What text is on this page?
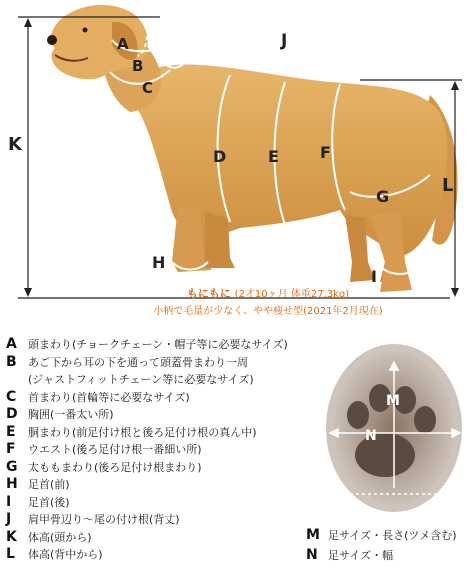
A
B
C
D	E	F
G
H
I
J
K
L
M
N
もにもに (2才10ヶ月 体重27.3kg)
小柄で毛量が少なく、やや痩せ型(2021年2月現在)
A	頭まわり(チョークチェーン・帽子等に必要なサイズ)
B	あご下から耳の下を通って頭蓋骨まわり一周
(ジャストフィットチェーン等に必要なサイズ)
C	首まわり(首輪等に必要なサイズ)
D 胸囲(一番太い所)
E	胴まわり(前足付け根と後ろ足付け根の真ん中)
F	ウエスト(後ろ足付け根一番細い所)
G 太ももまわり(後ろ足付け根まわり)
H 足首(前)
I	足首(後)
J	肩甲骨辺り〜尾の付け根(背丈)
K	体高(頭から)
L	体高(背中から)
M 足サイズ・長さ(ツメ含む)
N 足サイズ・幅
